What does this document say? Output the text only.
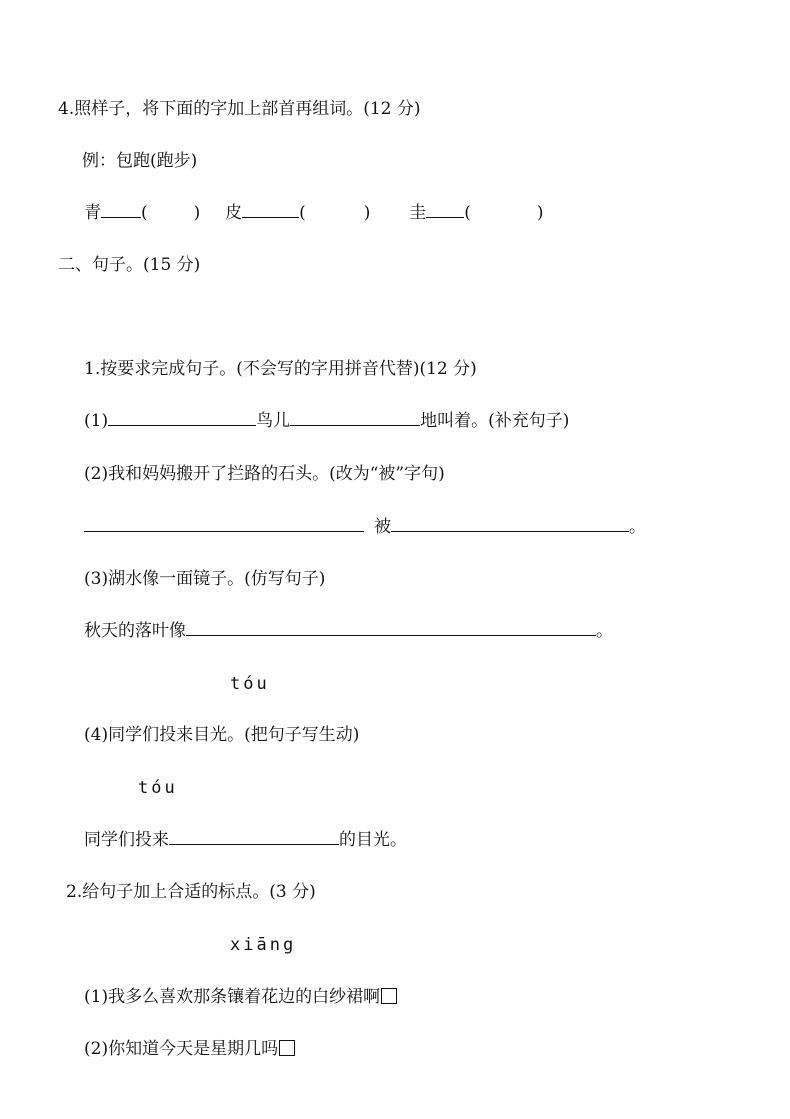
4.照样子，将下面的字加上部首再组词。(12 分)
例：包跑(跑步)
青 (	) 皮	(	) 圭 (	)
二、句子。(15 分)
1.按要求完成句子。(不会写的字用拼音代替)(12 分)
(1)	鸟儿	地叫着。(补充句子)
(2)我和妈妈搬开了拦路的石头。(改为“被”字句)
被	。
(3)湖水像一面镜子。(仿写句子)
秋天的落叶像	。
tóu
(4)同学们投来目光。(把句子写生动)
tóu
同学们投来	的目光。
2.给句子加上合适的标点。(3 分)
xiāng
(1)我多么喜欢那条镶着花边的白纱裙啊
(2)你知道今天是星期几吗
